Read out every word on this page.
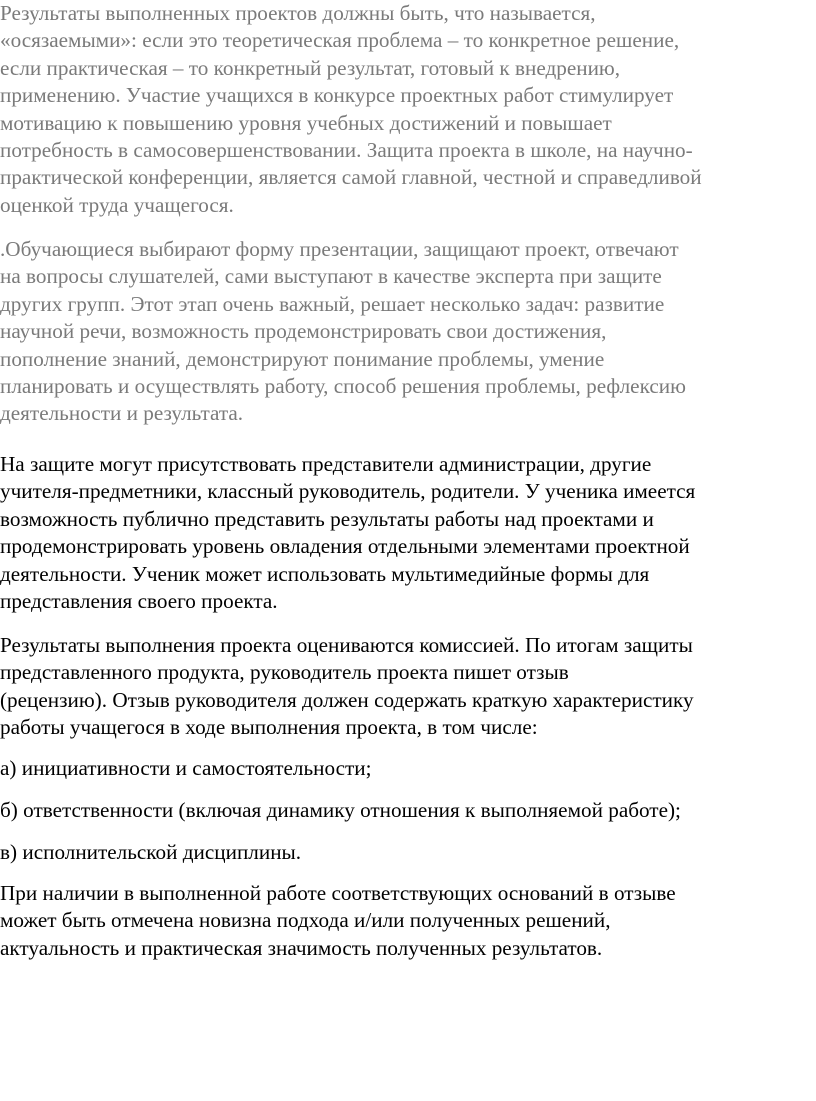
Результаты выполненных проектов должны быть, что называется,
«осязаемыми»: если это теоретическая проблема – то конкретное решение,
если практическая – то конкретный результат, готовый к внедрению,
применению. Участие учащихся в конкурсе проектных работ стимулирует
мотивацию к повышению уровня учебных достижений и повышает
потребность в самосовершенствовании. Защита проекта в школе, на научно-
практической конференции, является самой главной, честной и справедливой
оценкой труда учащегося.
.Обучающиеся выбирают форму презентации, защищают проект, отвечают
на вопросы слушателей, сами выступают в качестве эксперта при защите
других групп. Этот этап очень важный, решает несколько задач: развитие
научной речи, возможность продемонстрировать свои достижения,
пополнение знаний, демонстрируют понимание проблемы, умение
планировать и осуществлять работу, способ решения проблемы, рефлексию
деятельности и результата.
На защите могут присутствовать представители администрации, другие
учителя-предметники, классный руководитель, родители. У ученика имеется
возможность публично представить результаты работы над проектами и
продемонстрировать уровень овладения отдельными элементами проектной
деятельности. Ученик может использовать мультимедийные формы для
представления своего проекта.
Результаты выполнения проекта оцениваются комиссией. По итогам защиты
представленного продукта, руководитель проекта пишет отзыв
(рецензию). Отзыв руководителя должен содержать краткую характеристику
работы учащегося в ходе выполнения проекта, в том числе:
а) инициативности и самостоятельности;
б) ответственности (включая динамику отношения к выполняемой работе);
в) исполнительской дисциплины.
При наличии в выполненной работе соответствующих оснований в отзыве
может быть отмечена новизна подхода и/или полученных решений,
актуальность и практическая значимость полученных результатов.
